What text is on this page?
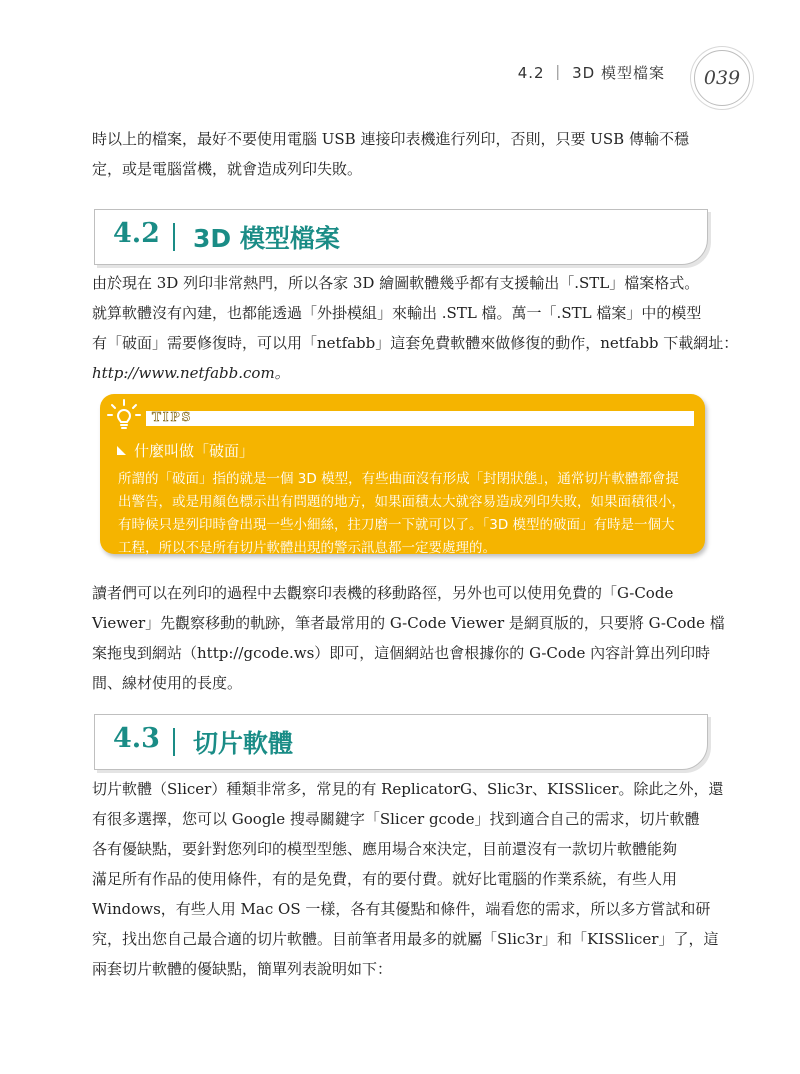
4.2 ｜ 3D 模型檔案	039

時以上的檔案，最好不要使用電腦 USB 連接印表機進行列印，否則，只要 USB 傳輸不穩
定，或是電腦當機，就會造成列印失敗。

4.2 3D 模型檔案

由於現在 3D 列印非常熱門，所以各家 3D 繪圖軟體幾乎都有支援輸出「.STL」檔案格式。
就算軟體沒有內建，也都能透過「外掛模組」來輸出 .STL 檔。萬一「.STL 檔案」中的模型
有「破面」需要修復時，可以用「netfabb」這套免費軟體來做修復的動作，netfabb 下載網址：
http://www.netfabb.com。

TIPS
什麼叫做「破面」

所謂的「破面」指的就是一個 3D 模型，有些曲面沒有形成「封閉狀態」，通常切片軟體都會提
出警告，或是用顏色標示出有問題的地方，如果面積太大就容易造成列印失敗，如果面積很小，
有時候只是列印時會出現一些小細絲，拄刀磨一下就可以了。「3D 模型的破面」有時是一個大
工程，所以不是所有切片軟體出現的警示訊息都一定要處理的。

讀者們可以在列印的過程中去觀察印表機的移動路徑，另外也可以使用免費的「G-Code
Viewer」先觀察移動的軌跡，筆者最常用的 G-Code Viewer 是網頁版的，只要將 G-Code 檔
案拖曳到網站（http://gcode.ws）即可，這個網站也會根據你的 G-Code 內容計算出列印時
間、線材使用的長度。

4.3 切片軟體

切片軟體（Slicer）種類非常多，常見的有 ReplicatorG、Slic3r、KISSlicer。除此之外，還
有很多選擇，您可以 Google 搜尋關鍵字「Slicer gcode」找到適合自己的需求，切片軟體
各有優缺點，要針對您列印的模型型態、應用場合來決定，目前還沒有一款切片軟體能夠
滿足所有作品的使用條件，有的是免費，有的要付費。就好比電腦的作業系統，有些人用
Windows，有些人用 Mac OS 一樣，各有其優點和條件，端看您的需求，所以多方嘗試和研
究，找出您自己最合適的切片軟體。目前筆者用最多的就屬「Slic3r」和「KISSlicer」了，這
兩套切片軟體的優缺點，簡單列表說明如下：
